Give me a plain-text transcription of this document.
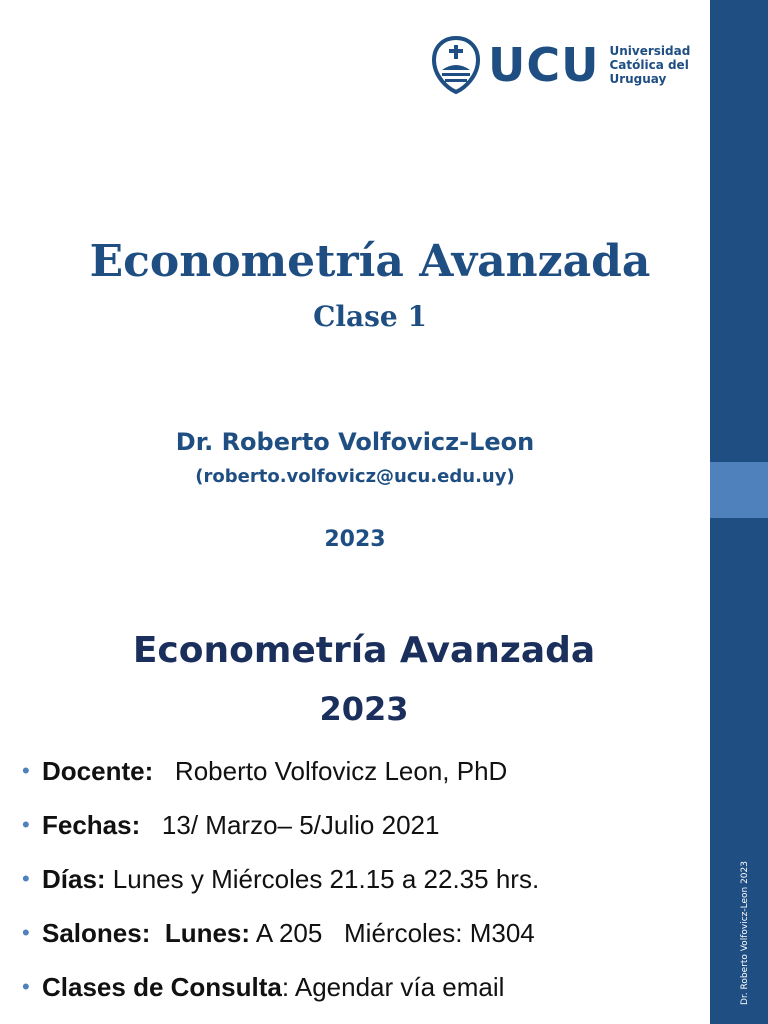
UCU Universidad
Católica del
Uruguay
Econometría Avanzada
Clase 1
Dr. Roberto Volfovicz-Leon
(roberto.volfovicz@ucu.edu.uy)
2023
Econometría Avanzada
2023
• Docente: Roberto Volfovicz Leon, PhD
• Fechas: 13/ Marzo– 5/Julio 2021
• Días: Lunes y Miércoles 21.15 a 22.35 hrs.
• Salones:  Lunes: A 205   Miércoles: M304
• Clases de Consulta : Agendar vía email	Dr. Roberto Volfovicz-Leon 2023
